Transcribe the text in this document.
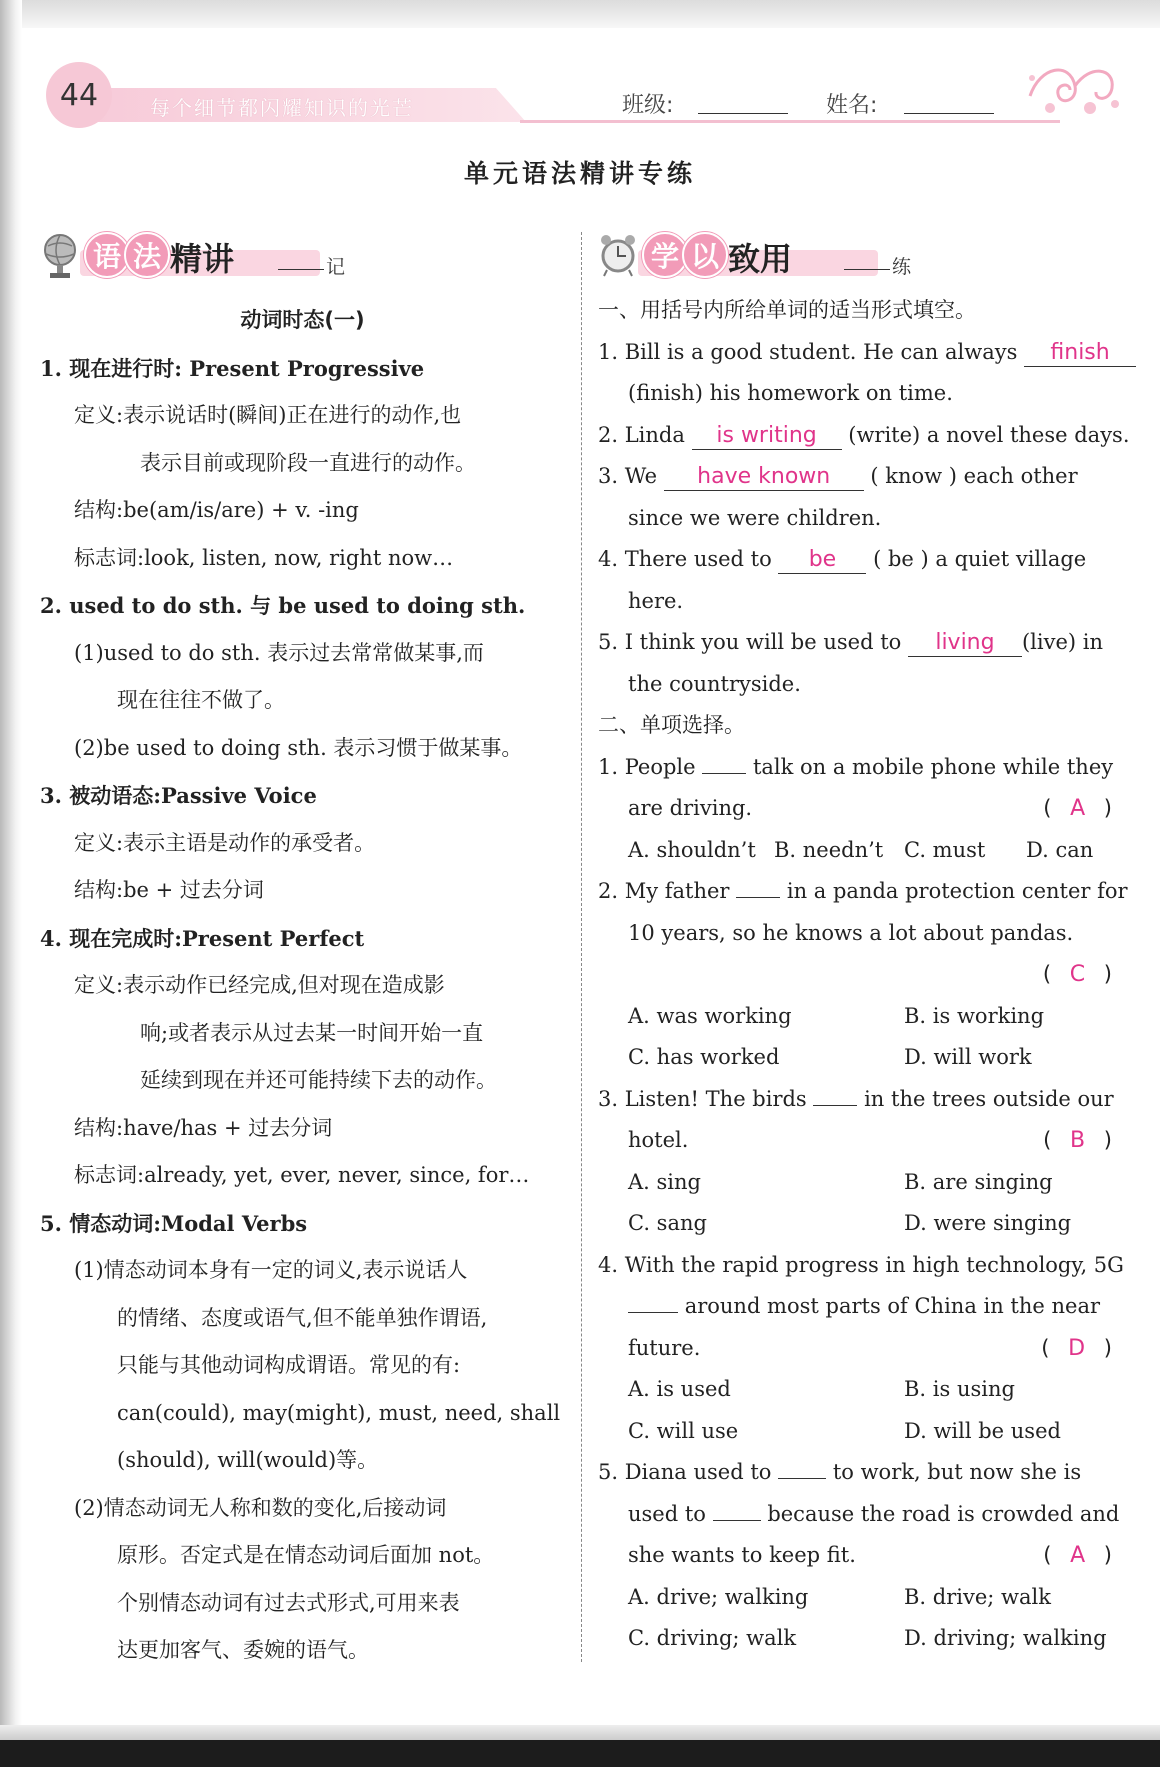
44	每个细节都闪耀知识的光芒	班级:	姓名:
单元语法精讲专练
语 法 精讲	记	学 以 致用	练

动词时态(一)

1. 现在进行时: Present Progressive

定义:表示说话时(瞬间)正在进行的动作,也

表示目前或现阶段一直进行的动作。

结构:be(am/is/are) + v. -ing

标志词:look, listen, now, right now…

2. used to do sth. 与 be used to doing sth.

(1)used to do sth. 表示过去常常做某事,而

现在往往不做了。

(2)be used to doing sth. 表示习惯于做某事。

3. 被动语态:Passive Voice

定义:表示主语是动作的承受者。

结构:be + 过去分词

4. 现在完成时:Present Perfect

定义:表示动作已经完成,但对现在造成影

响;或者表示从过去某一时间开始一直

延续到现在并还可能持续下去的动作。

结构:have/has + 过去分词

标志词:already, yet, ever, never, since, for…

5. 情态动词:Modal Verbs

(1)情态动词本身有一定的词义,表示说话人

的情绪、态度或语气,但不能单独作谓语,

只能与其他动词构成谓语。常见的有:

can(could), may(might), must, need, shall

(should), will(would)等。

(2)情态动词无人称和数的变化,后接动词

原形。否定式是在情态动词后面加 not。

个别情态动词有过去式形式,可用来表

达更加客气、委婉的语气。

一、用括号内所给单词的适当形式填空。

1. Bill is a good student. He can always finish

(finish) his homework on time.

2. Linda is writing (write) a novel these days.

3. We have known ( know ) each other

since we were children.

4. There used to be ( be ) a quiet village

here.

5. I think you will be used to living (live) in

the countryside.

二、单项选择。

1. People	talk on a mobile phone while they

are driving.	( A )

A. shouldn’t B. needn’t C. must D. can

2. My father	in a panda protection center for

10 years, so he knows a lot about pandas.

( C )

A. was working	B. is working

C. has worked	D. will work

3. Listen! The birds	in the trees outside our

hotel.	( B )

A. sing	B. are singing

C. sang	D. were singing

4. With the rapid progress in high technology, 5G

around most parts of China in the near

future.	( D )

A. is used	B. is using

C. will use	D. will be used

5. Diana used to	to work, but now she is

used to	because the road is crowded and

she wants to keep fit.	( A )

A. drive; walking	B. drive; walk

C. driving; walk	D. driving; walking
